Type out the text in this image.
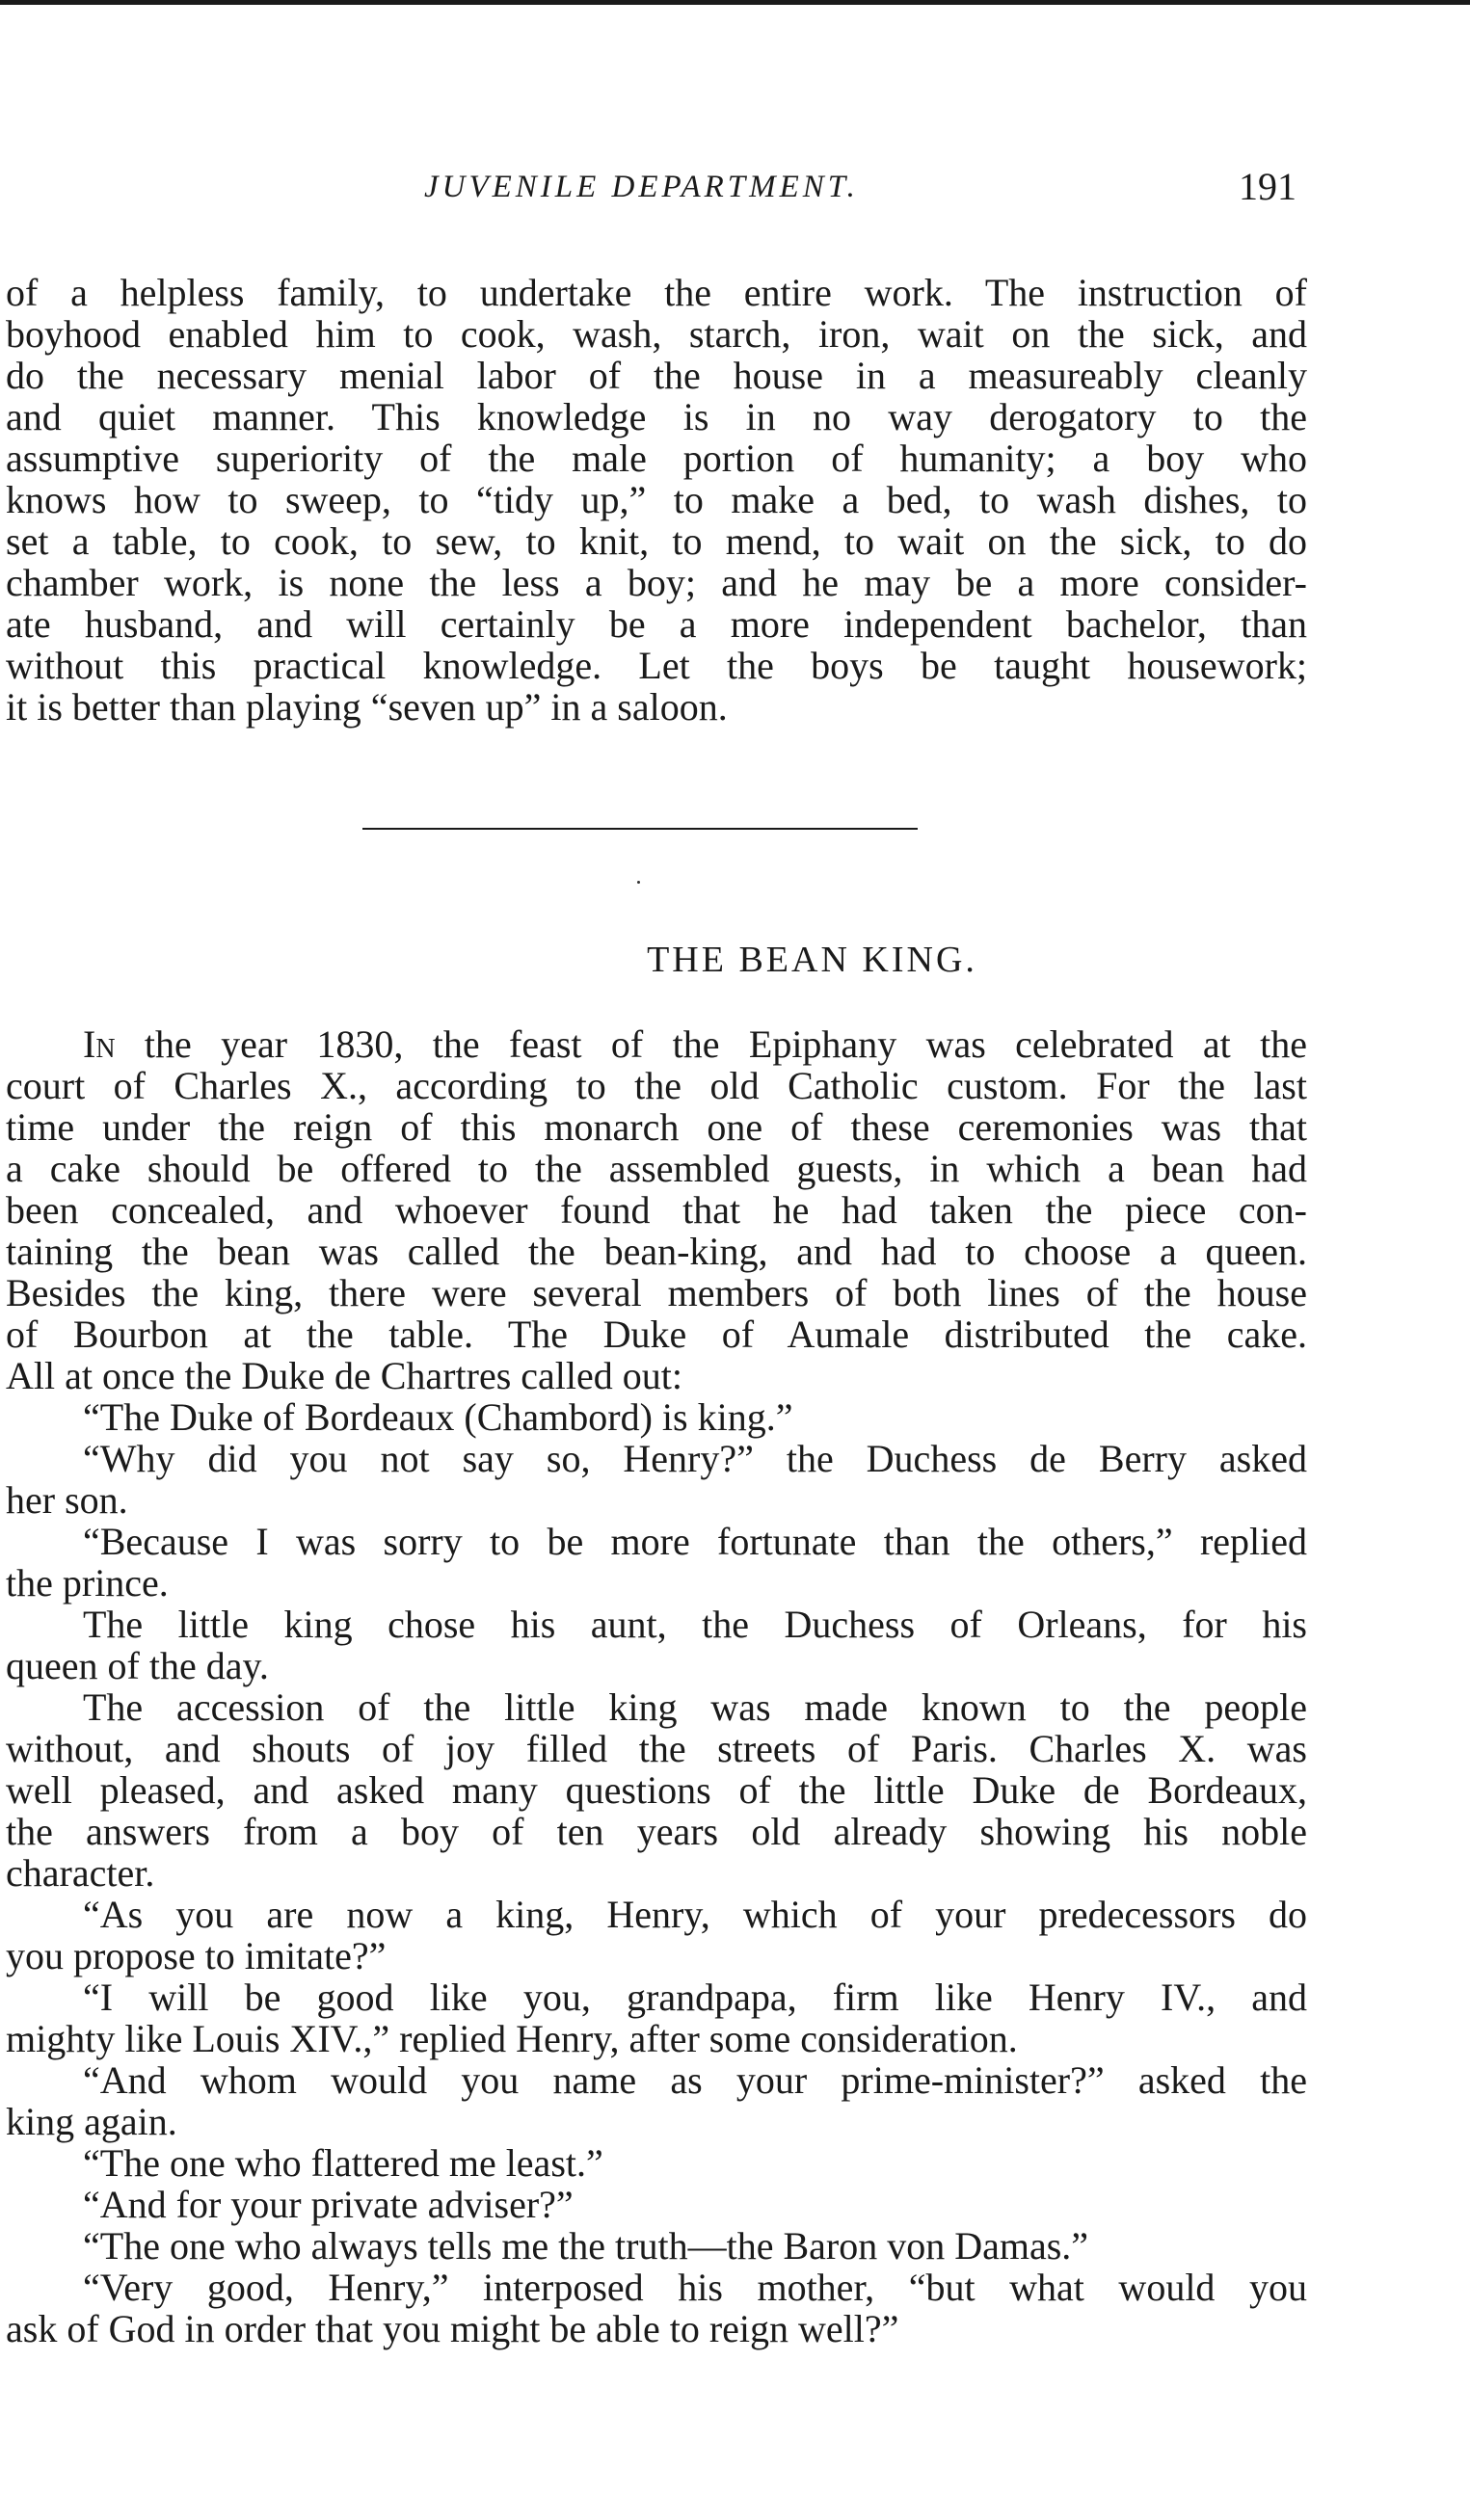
JUVENILE DEPARTMENT.	191
of a helpless family, to undertake the entire work. The instruction of
boyhood enabled him to cook, wash, starch, iron, wait on the sick, and
do the necessary menial labor of the house in a measureably cleanly
and quiet manner. This knowledge is in no way derogatory to the
assumptive superiority of the male portion of humanity; a boy who
knows how to sweep, to “tidy up,” to make a bed, to wash dishes, to
set a table, to cook, to sew, to knit, to mend, to wait on the sick, to do
chamber work, is none the less a boy; and he may be a more consider-
ate husband, and will certainly be a more independent bachelor, than
without this practical knowledge. Let the boys be taught housework;
it is better than playing “seven up” in a saloon.
THE BEAN KING.
In the year 1830, the feast of the Epiphany was celebrated at the
court of Charles X., according to the old Catholic custom. For the last
time under the reign of this monarch one of these ceremonies was that
a cake should be offered to the assembled guests, in which a bean had
been concealed, and whoever found that he had taken the piece con-
taining the bean was called the bean-king, and had to choose a queen.
Besides the king, there were several members of both lines of the house
of Bourbon at the table. The Duke of Aumale distributed the cake.
All at once the Duke de Chartres called out:
“The Duke of Bordeaux (Chambord) is king.”
“Why did you not say so, Henry?” the Duchess de Berry asked
her son.
“Because I was sorry to be more fortunate than the others,” replied
the prince.
The little king chose his aunt, the Duchess of Orleans, for his
queen of the day.
The accession of the little king was made known to the people
without, and shouts of joy filled the streets of Paris. Charles X. was
well pleased, and asked many questions of the little Duke de Bordeaux,
the answers from a boy of ten years old already showing his noble
character.
“As you are now a king, Henry, which of your predecessors do
you propose to imitate?”
“I will be good like you, grandpapa, firm like Henry IV., and
mighty like Louis XIV.,” replied Henry, after some consideration.
“And whom would you name as your prime-minister?” asked the
king again.
“The one who flattered me least.”
“And for your private adviser?”
“The one who always tells me the truth—the Baron von Damas.”
“Very good, Henry,” interposed his mother, “but what would you
ask of God in order that you might be able to reign well?”
